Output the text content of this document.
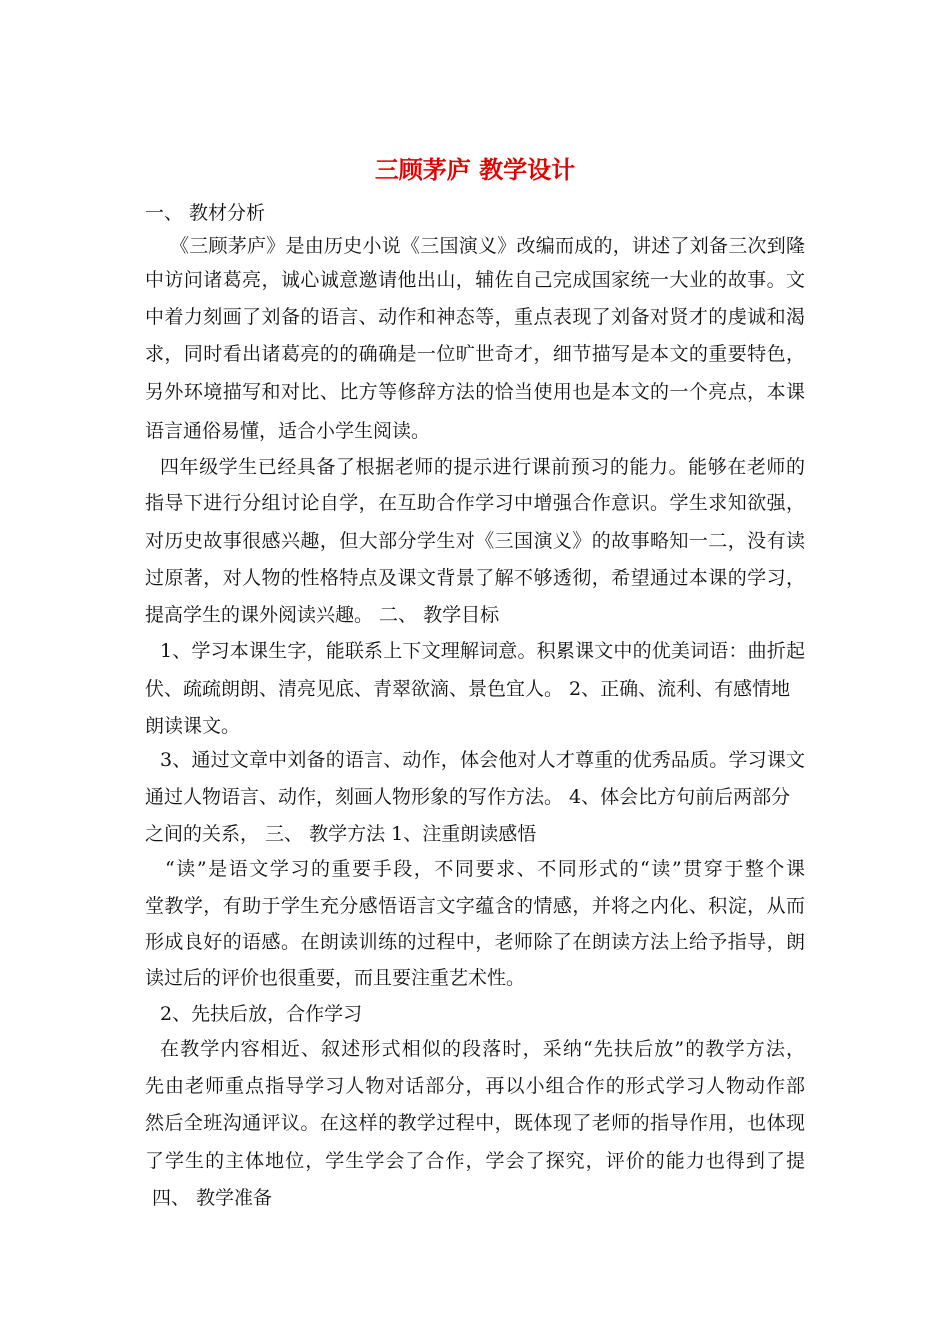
三顾茅庐 教学设计
一、 教材分析
《三顾茅庐》是由历史小说《三国演义》改编而成的，讲述了刘备三次到隆
中访问诸葛亮，诚心诚意邀请他出山，辅佐自己完成国家统一大业的故事。文
中着力刻画了刘备的语言、动作和神态等，重点表现了刘备对贤才的虔诚和渴
求，同时看出诸葛亮的的确确是一位旷世奇才，细节描写是本文的重要特色，
另外环境描写和对比、比方等修辞方法的恰当使用也是本文的一个亮点，本课
语言通俗易懂，适合小学生阅读。
四年级学生已经具备了根据老师的提示进行课前预习的能力。能够在老师的
指导下进行分组讨论自学，在互助合作学习中增强合作意识。学生求知欲强，
对历史故事很感兴趣，但大部分学生对《三国演义》的故事略知一二，没有读
过原著，对人物的性格特点及课文背景了解不够透彻，希望通过本课的学习，
提高学生的课外阅读兴趣。 二、 教学目标
1、学习本课生字，能联系上下文理解词意。积累课文中的优美词语：曲折起
伏、疏疏朗朗、清亮见底、青翠欲滴、景色宜人。 2、正确、流利、有感情地
朗读课文。
3、通过文章中刘备的语言、动作，体会他对人才尊重的优秀品质。学习课文
通过人物语言、动作，刻画人物形象的写作方法。 4、体会比方句前后两部分
之间的关系， 三、 教学方法 1、注重朗读感悟
“读”是语文学习的重要手段，不同要求、不同形式的“读”贯穿于整个课
堂教学，有助于学生充分感悟语言文字蕴含的情感，并将之内化、积淀，从而
形成良好的语感。在朗读训练的过程中，老师除了在朗读方法上给予指导，朗
读过后的评价也很重要，而且要注重艺术性。
2、先扶后放，合作学习
在教学内容相近、叙述形式相似的段落时，采纳“先扶后放”的教学方法，
先由老师重点指导学习人物对话部分，再以小组合作的形式学习人物动作部
然后全班沟通评议。在这样的教学过程中，既体现了老师的指导作用，也体现
了学生的主体地位，学生学会了合作，学会了探究，评价的能力也得到了提
四、 教学准备
